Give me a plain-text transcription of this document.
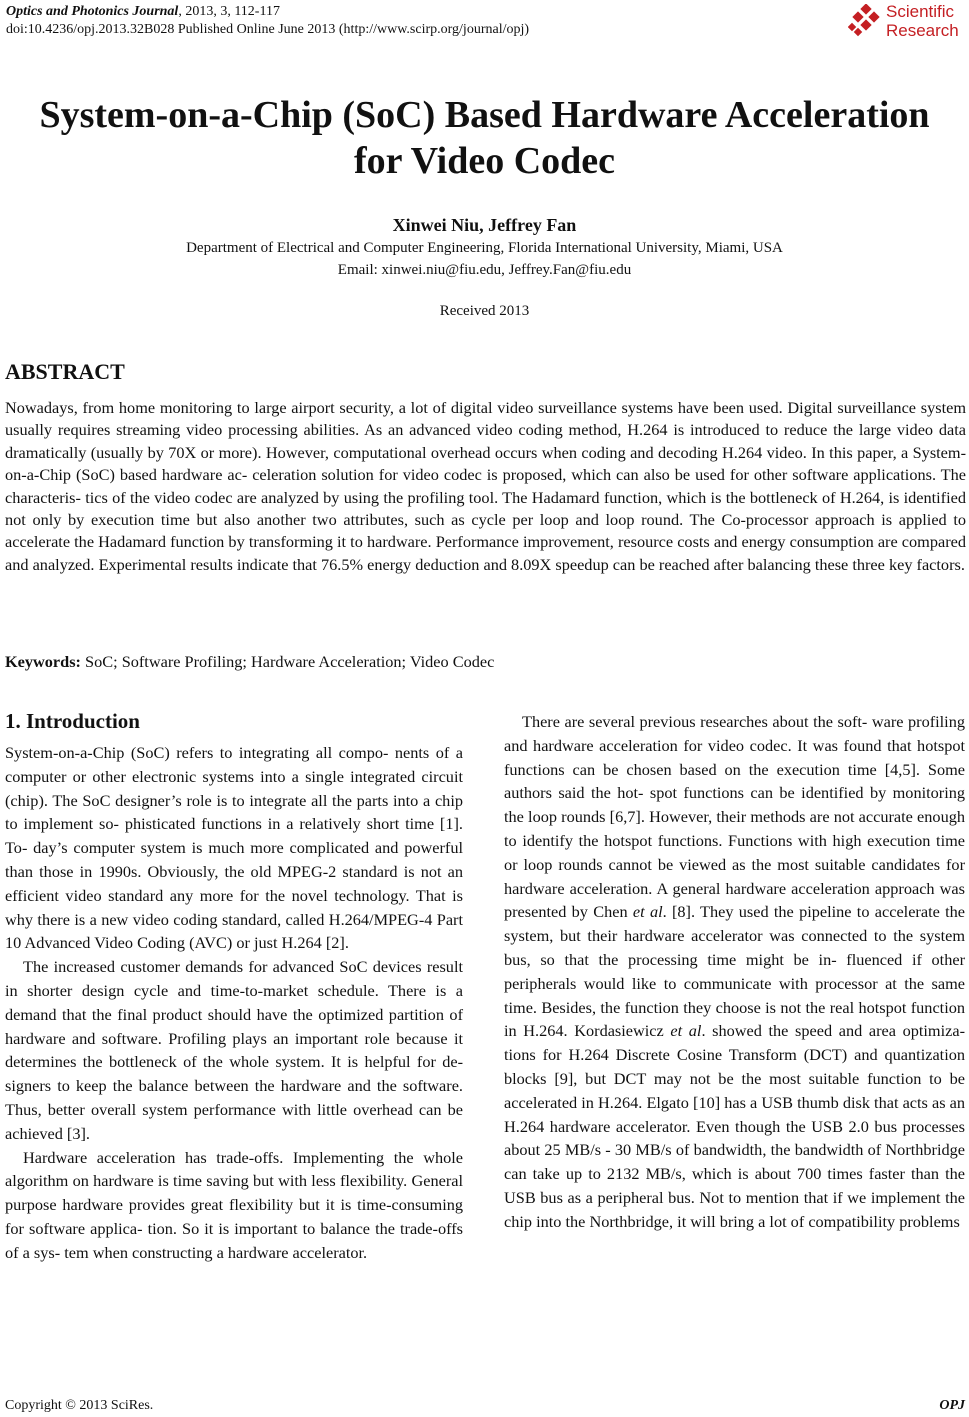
Optics and Photonics Journal, 2013, 3, 112-117
doi:10.4236/opj.2013.32B028 Published Online June 2013 (http://www.scirp.org/journal/opj)
Scientific
Research
System-on-a-Chip (SoC) Based Hardware Acceleration
for Video Codec
Xinwei Niu, Jeffrey Fan
Department of Electrical and Computer Engineering, Florida International University, Miami, USA
Email: xinwei.niu@fiu.edu, Jeffrey.Fan@fiu.edu
Received 2013
ABSTRACT
Nowadays, from home monitoring to large airport security, a lot of digital video surveillance systems have been used. Digital surveillance system usually requires streaming video processing abilities. As an advanced video coding method, H.264 is introduced to reduce the large video data dramatically (usually by 70X or more). However, computational overhead occurs when coding and decoding H.264 video. In this paper, a System-on-a-Chip (SoC) based hardware ac- celeration solution for video codec is proposed, which can also be used for other software applications. The characteris- tics of the video codec are analyzed by using the profiling tool. The Hadamard function, which is the bottleneck of H.264, is identified not only by execution time but also another two attributes, such as cycle per loop and loop round. The Co-processor approach is applied to accelerate the Hadamard function by transforming it to hardware. Performance improvement, resource costs and energy consumption are compared and analyzed. Experimental results indicate that 76.5% energy deduction and 8.09X speedup can be reached after balancing these three key factors.
Keywords: SoC; Software Profiling; Hardware Acceleration; Video Codec
1. Introduction

System-on-a-Chip (SoC) refers to integrating all compo- nents of a computer or other electronic systems into a single integrated circuit (chip). The SoC designer’s role is to integrate all the parts into a chip to implement so- phisticated functions in a relatively short time [1]. To- day’s computer system is much more complicated and powerful than those in 1990s. Obviously, the old MPEG-2 standard is not an efficient video standard any more for the novel technology. That is why there is a new video coding standard, called H.264/MPEG-4 Part 10 Advanced Video Coding (AVC) or just H.264 [2].

The increased customer demands for advanced SoC devices result in shorter design cycle and time-to-market schedule. There is a demand that the final product should have the optimized partition of hardware and software. Profiling plays an important role because it determines the bottleneck of the whole system. It is helpful for de- signers to keep the balance between the hardware and the software. Thus, better overall system performance with little overhead can be achieved [3].

Hardware acceleration has trade-offs. Implementing the whole algorithm on hardware is time saving but with less flexibility. General purpose hardware provides great flexibility but it is time-consuming for software applica- tion. So it is important to balance the trade-offs of a sys- tem when constructing a hardware accelerator.

There are several previous researches about the soft- ware profiling and hardware acceleration for video codec. It was found that hotspot functions can be chosen based on the execution time [4,5]. Some authors said the hot- spot functions can be identified by monitoring the loop rounds [6,7]. However, their methods are not accurate enough to identify the hotspot functions. Functions with high execution time or loop rounds cannot be viewed as the most suitable candidates for hardware acceleration. A general hardware acceleration approach was presented by Chen et al. [8]. They used the pipeline to accelerate the system, but their hardware accelerator was connected to the system bus, so that the processing time might be in- fluenced if other peripherals would like to communicate with processor at the same time. Besides, the function they choose is not the real hotspot function in H.264. Kordasiewicz et al. showed the speed and area optimiza- tions for H.264 Discrete Cosine Transform (DCT) and quantization blocks [9], but DCT may not be the most suitable function to be accelerated in H.264. Elgato [10] has a USB thumb disk that acts as an H.264 hardware accelerator. Even though the USB 2.0 bus processes about 25 MB/s - 30 MB/s of bandwidth, the bandwidth of Northbridge can take up to 2132 MB/s, which is about 700 times faster than the USB bus as a peripheral bus. Not to mention that if we implement the chip into the Northbridge, it will bring a lot of compatibility problems

Copyright © 2013 SciRes.	OPJ
